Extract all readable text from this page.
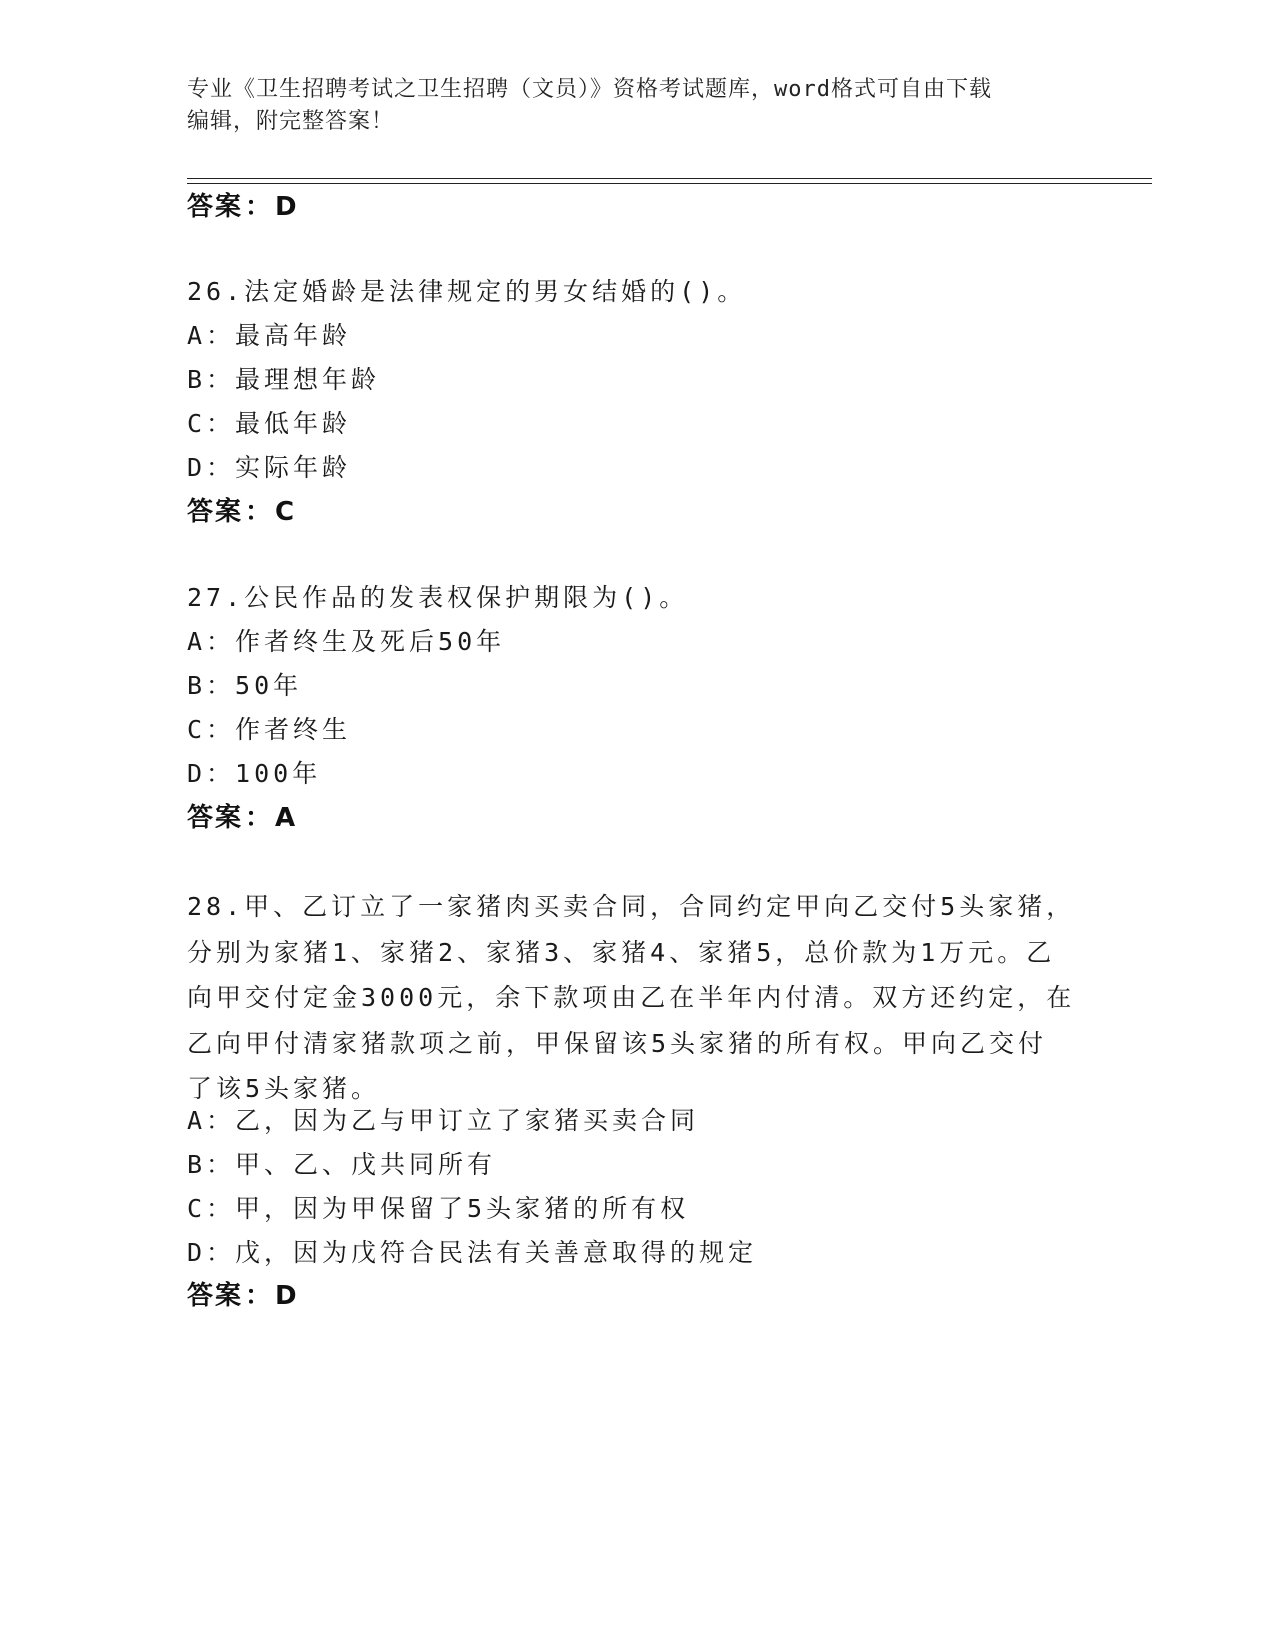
专业《卫生招聘考试之卫生招聘（文员）》资格考试题库，word格式可自由下载
编辑，附完整答案！
答案：D
26.法定婚龄是法律规定的男女结婚的()。
A：最高年龄
B：最理想年龄
C：最低年龄
D：实际年龄
答案：C
27.公民作品的发表权保护期限为()。
A：作者终生及死后50年
B：50年
C：作者终生
D：100年
答案：A
28.甲、乙订立了一家猪肉买卖合同，合同约定甲向乙交付5头家猪，
分别为家猪1、家猪2、家猪3、家猪4、家猪5，总价款为1万元。乙
向甲交付定金3000元，余下款项由乙在半年内付清。双方还约定，在
乙向甲付清家猪款项之前，甲保留该5头家猪的所有权。甲向乙交付
了该5头家猪。
A：乙，因为乙与甲订立了家猪买卖合同
B：甲、乙、戊共同所有
C：甲，因为甲保留了5头家猪的所有权
D：戊，因为戊符合民法有关善意取得的规定
答案：D
